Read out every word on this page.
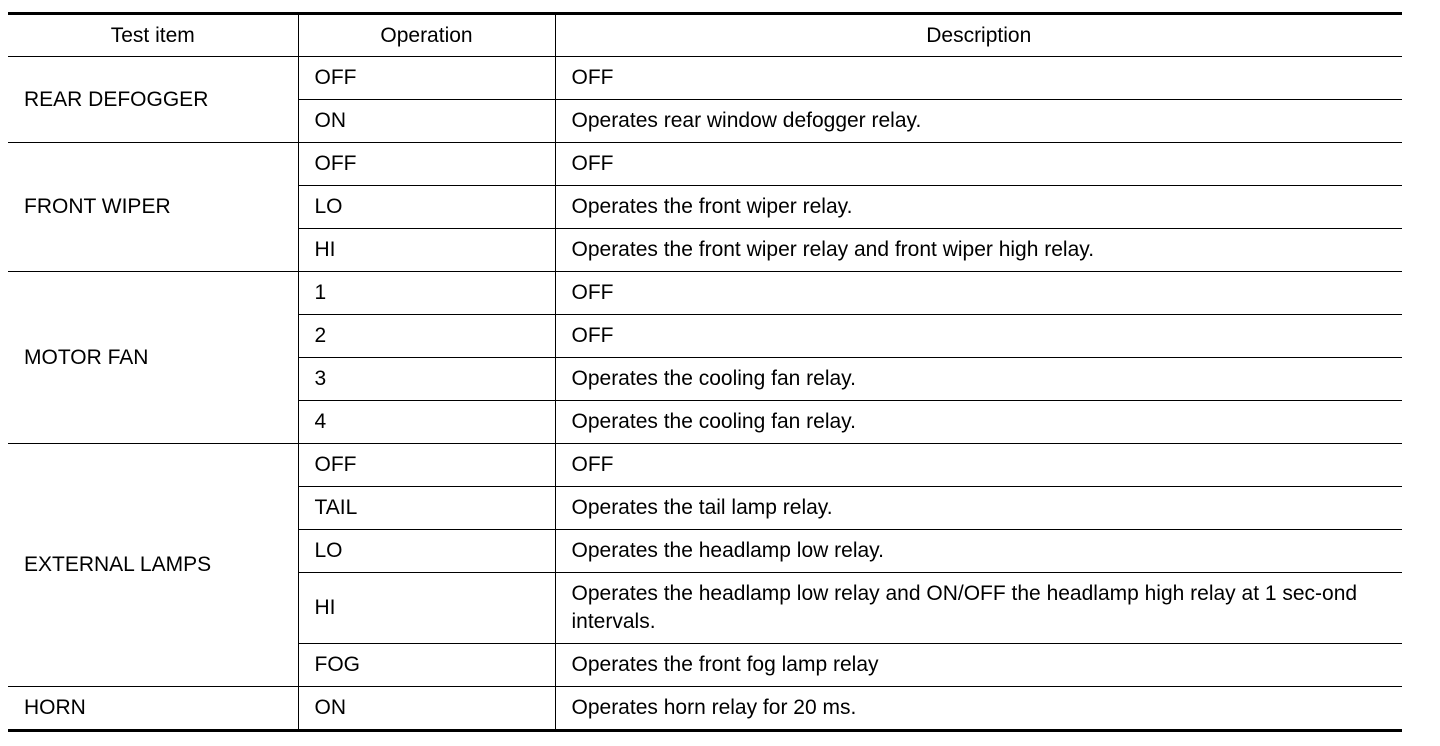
Test item	Operation	Description
REAR DEFOGGER	OFF	OFF
	ON	Operates rear window defogger relay.
FRONT WIPER	OFF	OFF
	LO	Operates the front wiper relay.
	HI	Operates the front wiper relay and front wiper high relay.
MOTOR FAN	1	OFF
	2	OFF
	3	Operates the cooling fan relay.
	4	Operates the cooling fan relay.
EXTERNAL LAMPS	OFF	OFF
	TAIL	Operates the tail lamp relay.
	LO	Operates the headlamp low relay.
	HI	Operates the headlamp low relay and ON/OFF the headlamp high relay at 1 sec-ond intervals.
	FOG	Operates the front fog lamp relay
HORN	ON	Operates horn relay for 20 ms.
